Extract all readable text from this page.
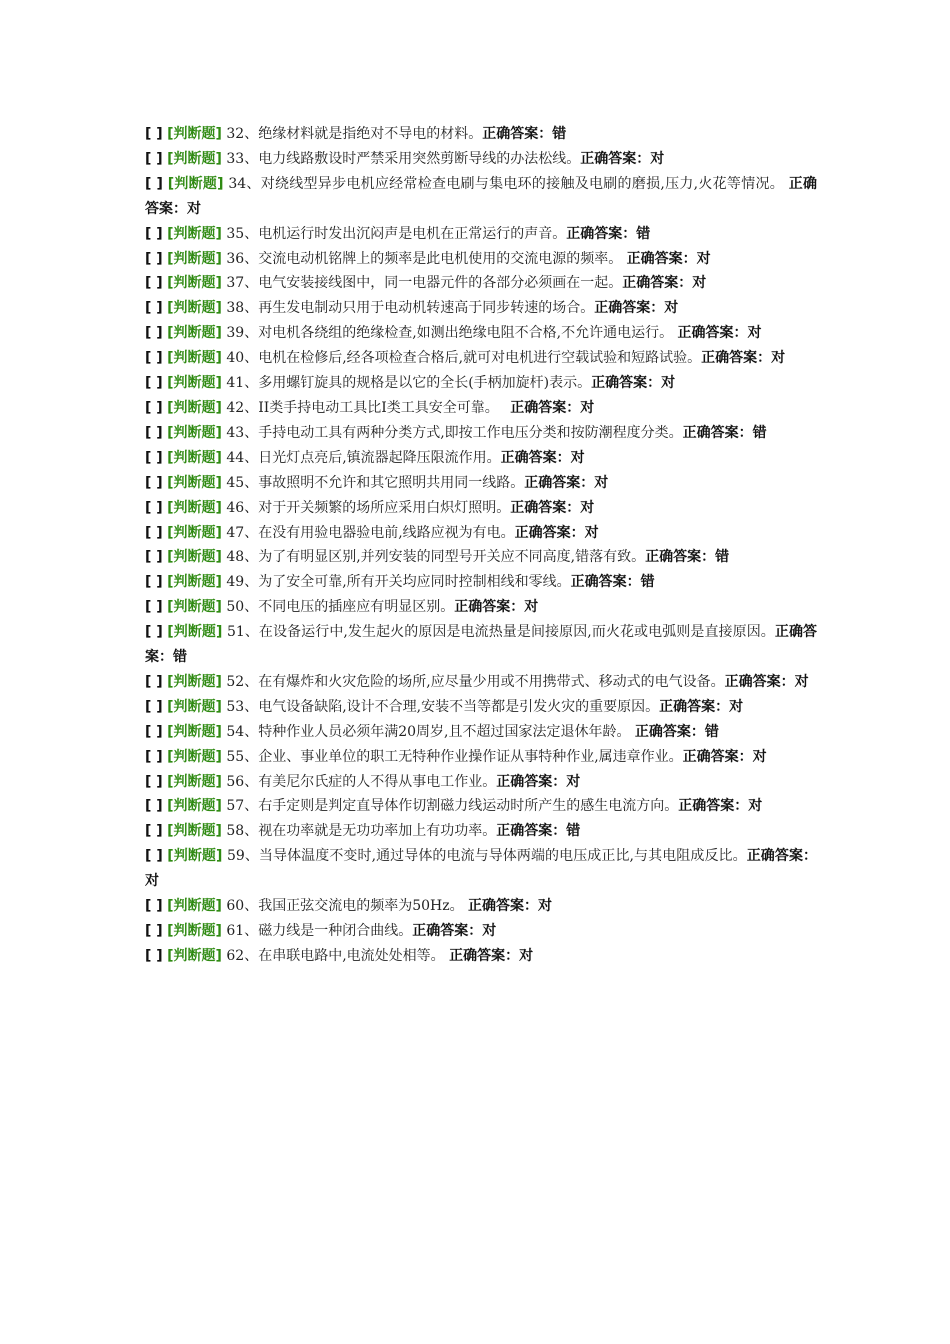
[ ] [判断题] 32、绝缘材料就是指绝对不导电的材料。正确答案：错

[ ] [判断题] 33、电力线路敷设时严禁采用突然剪断导线的办法松线。正确答案：对

[ ] [判断题] 34、对绕线型异步电机应经常检查电刷与集电环的接触及电刷的磨损,压力,火花等情况。 正确答案：对

[ ] [判断题] 35、电机运行时发出沉闷声是电机在正常运行的声音。正确答案：错

[ ] [判断题] 36、交流电动机铭牌上的频率是此电机使用的交流电源的频率。 正确答案：对

[ ] [判断题] 37、电气安装接线图中，同一电器元件的各部分必须画在一起。正确答案：对

[ ] [判断题] 38、再生发电制动只用于电动机转速高于同步转速的场合。正确答案：对

[ ] [判断题] 39、对电机各绕组的绝缘检查,如测出绝缘电阻不合格,不允许通电运行。 正确答案：对

[ ] [判断题] 40、电机在检修后,经各项检查合格后,就可对电机进行空载试验和短路试验。正确答案：对

[ ] [判断题] 41、多用螺钉旋具的规格是以它的全长(手柄加旋杆)表示。正确答案：对

[ ] [判断题] 42、II类手持电动工具比I类工具安全可靠。　 正确答案：对

[ ] [判断题] 43、手持电动工具有两种分类方式,即按工作电压分类和按防潮程度分类。正确答案：错

[ ] [判断题] 44、日光灯点亮后,镇流器起降压限流作用。正确答案：对

[ ] [判断题] 45、事故照明不允许和其它照明共用同一线路。正确答案：对

[ ] [判断题] 46、对于开关频繁的场所应采用白炽灯照明。正确答案：对

[ ] [判断题] 47、在没有用验电器验电前,线路应视为有电。正确答案：对

[ ] [判断题] 48、为了有明显区别,并列安装的同型号开关应不同高度,错落有致。正确答案：错

[ ] [判断题] 49、为了安全可靠,所有开关均应同时控制相线和零线。正确答案：错

[ ] [判断题] 50、不同电压的插座应有明显区别。正确答案：对

[ ] [判断题] 51、在设备运行中,发生起火的原因是电流热量是间接原因,而火花或电弧则是直接原因。正确答案：错

[ ] [判断题] 52、在有爆炸和火灾危险的场所,应尽量少用或不用携带式、移动式的电气设备。正确答案：对

[ ] [判断题] 53、电气设备缺陷,设计不合理,安装不当等都是引发火灾的重要原因。正确答案：对

[ ] [判断题] 54、特种作业人员必须年满20周岁,且不超过国家法定退休年龄。 正确答案：错

[ ] [判断题] 55、企业、事业单位的职工无特种作业操作证从事特种作业,属违章作业。正确答案：对

[ ] [判断题] 56、有美尼尔氏症的人不得从事电工作业。正确答案：对

[ ] [判断题] 57、右手定则是判定直导体作切割磁力线运动时所产生的感生电流方向。正确答案：对

[ ] [判断题] 58、视在功率就是无功功率加上有功功率。正确答案：错

[ ] [判断题] 59、当导体温度不变时,通过导体的电流与导体两端的电压成正比,与其电阻成反比。正确答案：对

[ ] [判断题] 60、我国正弦交流电的频率为50Hz。 正确答案：对

[ ] [判断题] 61、磁力线是一种闭合曲线。正确答案：对

[ ] [判断题] 62、在串联电路中,电流处处相等。 正确答案：对
